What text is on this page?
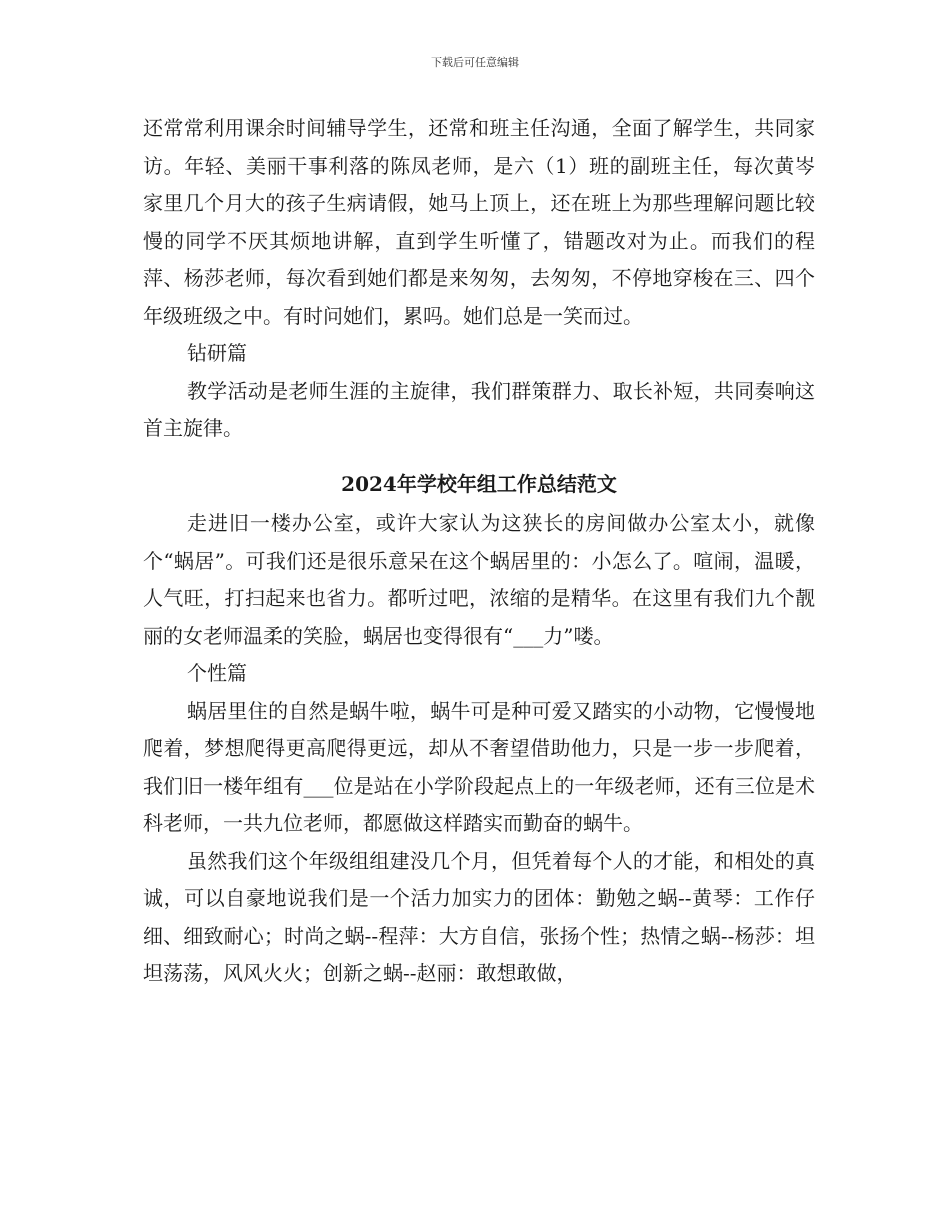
下载后可任意编辑

还常常利用课余时间辅导学生，还常和班主任沟通，全面了解学生，共同家访。年轻、美丽干事利落的陈凤老师，是六（1）班的副班主任，每次黄岑家里几个月大的孩子生病请假，她马上顶上，还在班上为那些理解问题比较慢的同学不厌其烦地讲解，直到学生听懂了，错题改对为止。而我们的程萍、杨莎老师，每次看到她们都是来匆匆，去匆匆，不停地穿梭在三、四个年级班级之中。有时问她们，累吗。她们总是一笑而过。

钻研篇

教学活动是老师生涯的主旋律，我们群策群力、取长补短，共同奏响这首主旋律。

2024年学校年组工作总结范文

走进旧一楼办公室，或许大家认为这狭长的房间做办公室太小，就像个“蜗居”。可我们还是很乐意呆在这个蜗居里的：小怎么了。喧闹，温暖，人气旺，打扫起来也省力。都听过吧，浓缩的是精华。在这里有我们九个靓丽的女老师温柔的笑脸，蜗居也变得很有“___力”喽。

个性篇

蜗居里住的自然是蜗牛啦，蜗牛可是种可爱又踏实的小动物，它慢慢地爬着，梦想爬得更高爬得更远，却从不奢望借助他力，只是一步一步爬着，我们旧一楼年组有___位是站在小学阶段起点上的一年级老师，还有三位是术科老师，一共九位老师，都愿做这样踏实而勤奋的蜗牛。

虽然我们这个年级组组建没几个月，但凭着每个人的才能，和相处的真诚，可以自豪地说我们是一个活力加实力的团体：勤勉之蜗--黄琴：工作仔细、细致耐心；时尚之蜗--程萍：大方自信，张扬个性；热情之蜗--杨莎：坦坦荡荡，风风火火；创新之蜗--赵丽：敢想敢做，
